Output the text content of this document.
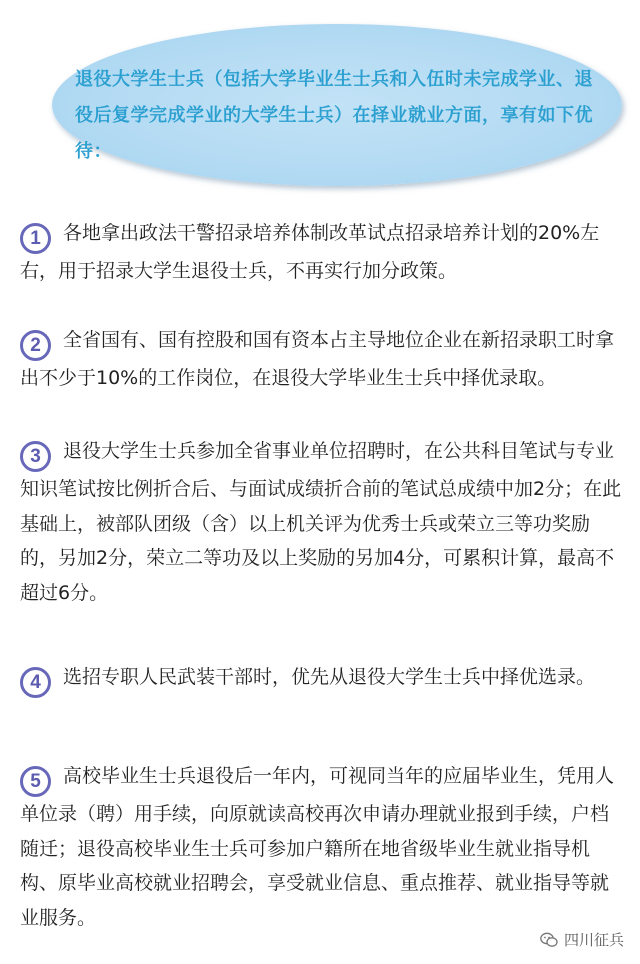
退役大学生士兵（包括大学毕业生士兵和入伍时未完成学业、退役后复学完成学业的大学生士兵）在择业就业方面，享有如下优待：

1 各地拿出政法干警招录培养体制改革试点招录培养计划的20%左右，用于招录大学生退役士兵，不再实行加分政策。

2 全省国有、国有控股和国有资本占主导地位企业在新招录职工时拿出不少于10%的工作岗位，在退役大学毕业生士兵中择优录取。

3 退役大学生士兵参加全省事业单位招聘时，在公共科目笔试与专业知识笔试按比例折合后、与面试成绩折合前的笔试总成绩中加2分；在此基础上，被部队团级（含）以上机关评为优秀士兵或荣立三等功奖励的，另加2分，荣立二等功及以上奖励的另加4分，可累积计算，最高不超过6分。

4 选招专职人民武装干部时，优先从退役大学生士兵中择优选录。

5 高校毕业生士兵退役后一年内，可视同当年的应届毕业生，凭用人单位录（聘）用手续，向原就读高校再次申请办理就业报到手续，户档随迁；退役高校毕业生士兵可参加户籍所在地省级毕业生就业指导机构、原毕业高校就业招聘会，享受就业信息、重点推荐、就业指导等就业服务。

四川征兵
